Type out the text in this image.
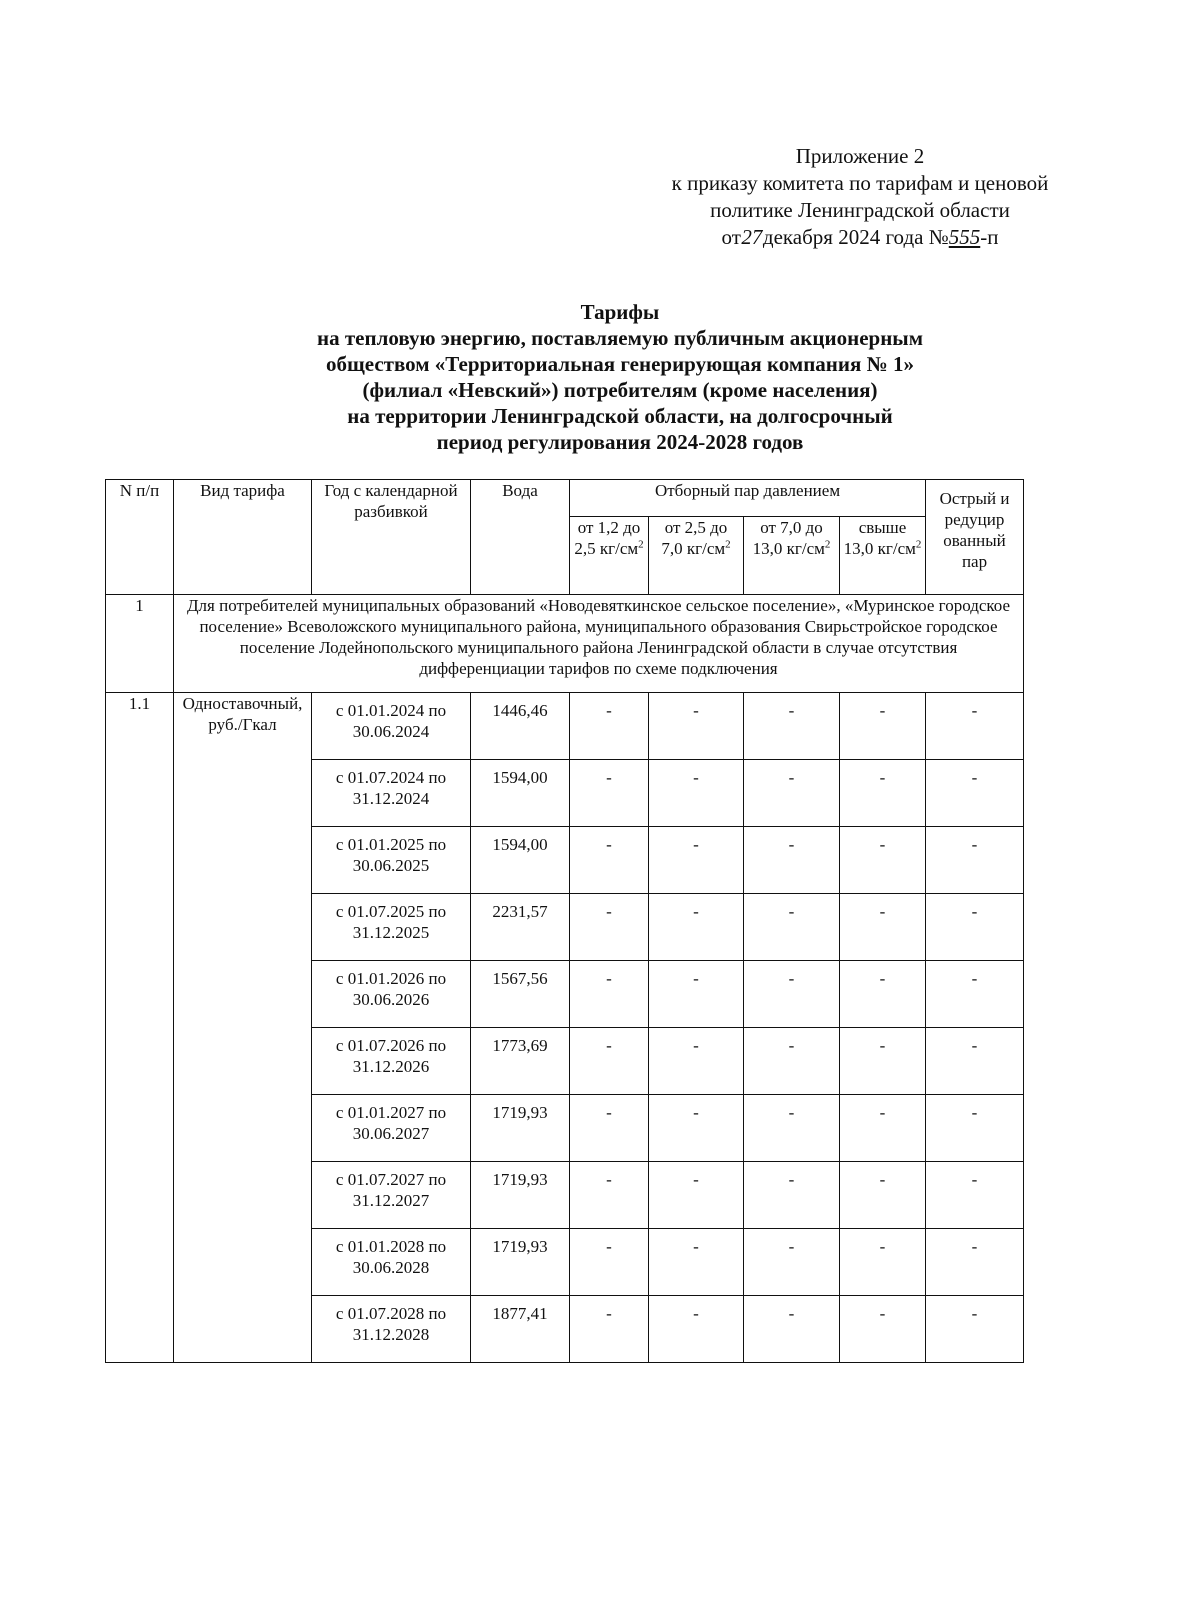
Приложение 2
к приказу комитета по тарифам и ценовой
политике Ленинградской области
от27декабря 2024 года №555-п
Тарифы
на тепловую энергию, поставляемую публичным акционерным
обществом «Территориальная генерирующая компания № 1»
(филиал «Невский») потребителям (кроме населения)
на территории Ленинградской области, на долгосрочный
период регулирования 2024-2028 годов
N п/п	Вид тарифа	Год с календарной разбивкой	Вода	Отборный пар давлением				Острый и редуцир ованный пар
				от 1,2 до 2,5 $кг/см^2$	от 2,5 до 7,0 $кг/см^2$	от 7,0 до 13,0 $кг/см^2$	свыше 13,0 $кг/см^2$
1	Для потребителей муниципальных образований «Новодевяткинское сельское поселение», «Муринское городское поселение» Всеволожского муниципального района, муниципального образования Свирьстройское городское поселение Лодейнопольского муниципального района Ленинградской области в случае отсутствия дифференциации тарифов по схеме подключения							
1.1	Одноставочный, руб./Гкал	с 01.01.2024 по 30.06.2024	1446,46	-	-	-	-	-
		с 01.07.2024 по 31.12.2024	1594,00	-	-	-	-	-
		с 01.01.2025 по 30.06.2025	1594,00	-	-	-	-	-
		с 01.07.2025 по 31.12.2025	2231,57	-	-	-	-	-
		с 01.01.2026 по 30.06.2026	1567,56	-	-	-	-	-
		с 01.07.2026 по 31.12.2026	1773,69	-	-	-	-	-
		с 01.01.2027 по 30.06.2027	1719,93	-	-	-	-	-
		с 01.07.2027 по 31.12.2027	1719,93	-	-	-	-	-
		с 01.01.2028 по 30.06.2028	1719,93	-	-	-	-	-
		с 01.07.2028 по 31.12.2028	1877,41	-	-	-	-	-
